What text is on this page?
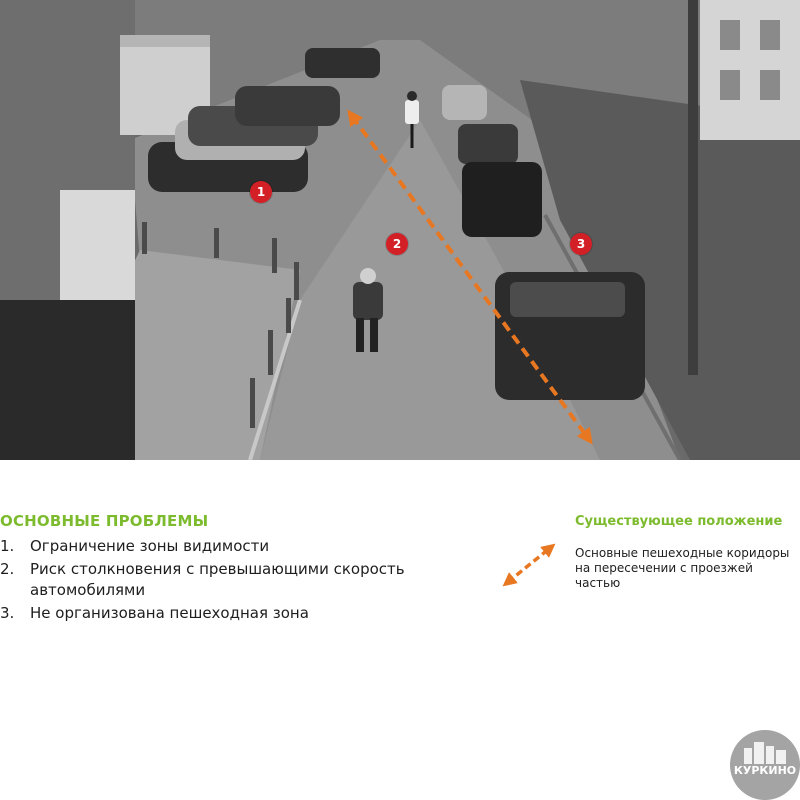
1
2	3
ОСНОВНЫЕ ПРОБЛЕМЫ
1.	Ограничение зоны видимости
2.	Риск столкновения с превышающими скорость автомобилями
3.	Не организована пешеходная зона
Существующее положение
Основные пешеходные коридоры на пересечении с проезжей частью
КУРКИНО
